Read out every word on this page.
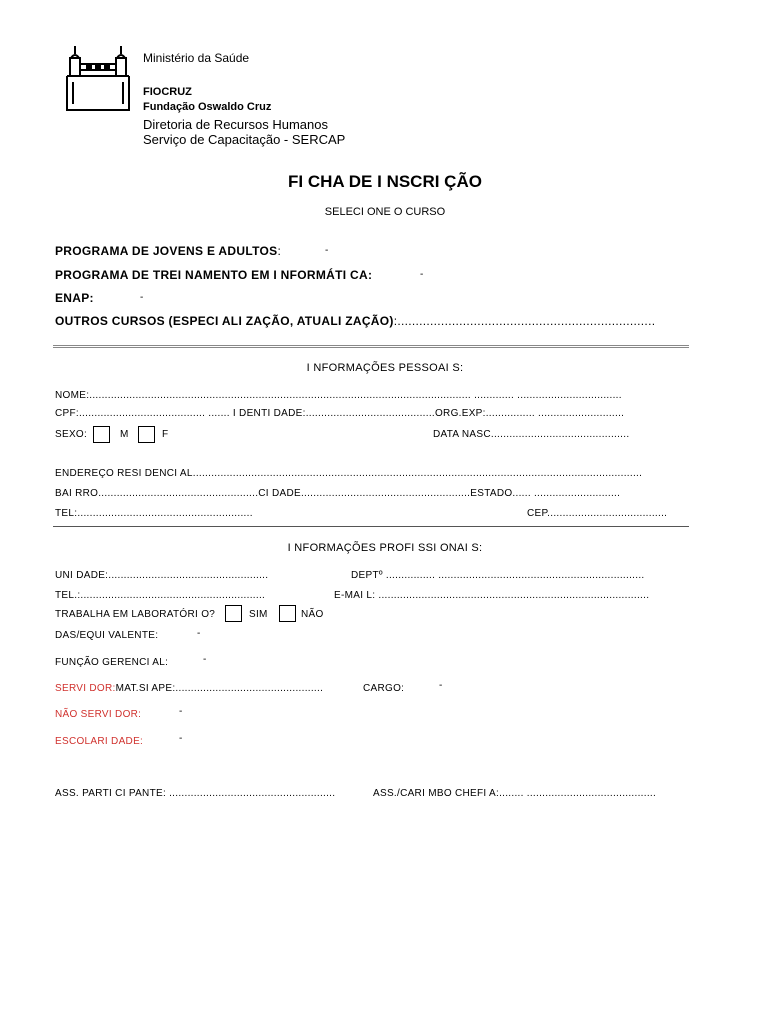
Ministério da Saúde
FIOCRUZ
Fundação Oswaldo Cruz
Diretoria de Recursos Humanos
Serviço de Capacitação - SERCAP
FI CHA DE I NSCRI ÇÃO
SELECI ONE O CURSO
PROGRAMA DE JOVENS E ADULTOS:	-
PROGRAMA DE TREI NAMENTO EM I NFORMÁTI CA:	-
ENAP:	-
OUTROS CURSOS (ESPECI ALI ZAÇÃO, ATUALI ZAÇÃO):.......................................................................
I NFORMAÇÕES PESSOAI S:
NOME:............................................................................................................................ ............. ..................................
CPF:......................................... ....... I DENTI DADE:..........................................ORG.EXP:................ ............................
SEXO:	M	F	DATA NASC.............................................
ENDEREÇO RESI DENCI AL..................................................................................................................................................
BAI RRO....................................................CI DADE.......................................................ESTADO...... ............................
TEL:.........................................................	CEP.......................................
I NFORMAÇÕES PROFI SSI ONAI S:
UNI DADE:....................................................	DEPTº ................ ...................................................................
TEL.:............................................................	E-MAI L: ........................................................................................
TRABALHA EM LABORATÓRI O?	SIM	NÃO
DAS/EQUI VALENTE:	-
FUNÇÃO GERENCI AL:	-
SERVI DOR:MAT.SI APE:................................................	CARGO:	-
NÃO SERVI DOR:	-
ESCOLARI DADE:	-
ASS. PARTI CI PANTE: ......................................................	ASS./CARI MBO CHEFI A:........ ..........................................
